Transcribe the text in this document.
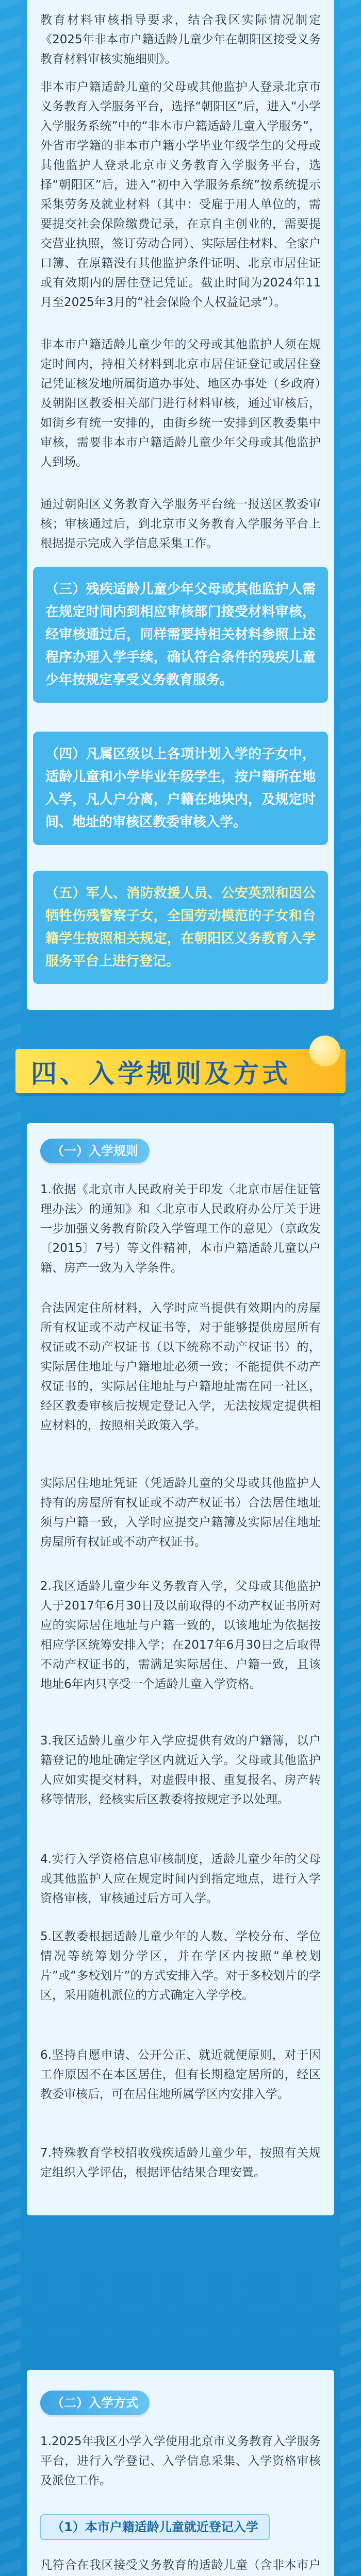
教育材料审核指导要求，结合我区实际情况制定《2025年非本市户籍适龄儿童少年在朝阳区接受义务教育材料审核实施细则》。
非本市户籍适龄儿童的父母或其他监护人登录北京市义务教育入学服务平台，选择“朝阳区”后，进入“小学入学服务系统”中的“非本市户籍适龄儿童入学服务”，外省市学籍的非本市户籍小学毕业年级学生的父母或其他监护人登录北京市义务教育入学服务平台，选择“朝阳区”后，进入“初中入学服务系统”按系统提示采集劳务及就业材料（其中：受雇于用人单位的，需要提交社会保险缴费记录，在京自主创业的，需要提交营业执照，签订劳动合同）、实际居住材料、全家户口簿、在原籍没有其他监护条件证明、北京市居住证或有效期内的居住登记凭证。截止时间为2024年11月至2025年3月的“社会保险个人权益记录”）。
非本市户籍适龄儿童少年的父母或其他监护人须在规定时间内，持相关材料到北京市居住证登记或居住登记凭证核发地所属街道办事处、地区办事处（乡政府）及朝阳区教委相关部门进行材料审核，通过审核后，如街乡有统一安排的，由街乡统一安排到区教委集中审核，需要非本市户籍适龄儿童少年父母或其他监护人到场。
通过朝阳区义务教育入学服务平台统一报送区教委审核；审核通过后，到北京市义务教育入学服务平台上根据提示完成入学信息采集工作。
（三）残疾适龄儿童少年父母或其他监护人需在规定时间内到相应审核部门接受材料审核，经审核通过后，同样需要持相关材料参照上述程序办理入学手续，确认符合条件的残疾儿童少年按规定享受义务教育服务。
（四）凡属区级以上各项计划入学的子女中，适龄儿童和小学毕业年级学生，按户籍所在地入学，凡人户分离，户籍在地块内，及规定时间、地址的审核区教委审核入学。
（五）军人、消防救援人员、公安英烈和因公牺牲伤残警察子女，全国劳动模范的子女和台籍学生按照相关规定，在朝阳区义务教育入学服务平台上进行登记。
四、入学规则及方式
（一）入学规则
1.依据《北京市人民政府关于印发〈北京市居住证管理办法〉的通知》和〈北京市人民政府办公厅关于进一步加强义务教育阶段入学管理工作的意见〉（京政发〔2015〕7号）等文件精神，本市户籍适龄儿童以户籍、房产一致为入学条件。
合法固定住所材料，入学时应当提供有效期内的房屋所有权证或不动产权证书等，对于能够提供房屋所有权证或不动产权证书（以下统称不动产权证书）的，实际居住地址与户籍地址必须一致；不能提供不动产权证书的，实际居住地址与户籍地址需在同一社区，经区教委审核后按规定登记入学，无法按规定提供相应材料的，按照相关政策入学。
实际居住地址凭证（凭适龄儿童的父母或其他监护人持有的房屋所有权证或不动产权证书）合法居住地址须与户籍一致，入学时应提交户籍簿及实际居住地址房屋所有权证或不动产权证书。
2.我区适龄儿童少年义务教育入学，父母或其他监护人于2017年6月30日及以前取得的不动产权证书所对应的实际居住地址与户籍一致的，以该地址为依据按相应学区统筹安排入学；在2017年6月30日之后取得不动产权证书的，需满足实际居住、户籍一致，且该地址6年内只享受一个适龄儿童入学资格。
3.我区适龄儿童少年入学应提供有效的户籍簿，以户籍登记的地址确定学区内就近入学。父母或其他监护人应如实提交材料，对虚假申报、重复报名、房产转移等情形，经核实后区教委将按规定予以处理。
4.实行入学资格信息审核制度，适龄儿童少年的父母或其他监护人应在规定时间内到指定地点，进行入学资格审核，审核通过后方可入学。
5.区教委根据适龄儿童少年的人数、学校分布、学位情况等统筹划分学区，并在学区内按照“单校划片”或“多校划片”的方式安排入学。对于多校划片的学区，采用随机派位的方式确定入学学校。
6.坚持自愿申请、公开公正、就近就便原则，对于因工作原因不在本区居住，但有长期稳定居所的，经区教委审核后，可在居住地所属学区内安排入学。
7.特殊教育学校招收残疾适龄儿童少年，按照有关规定组织入学评估，根据评估结果合理安置。
（二）入学方式
1.2025年我区小学入学使用北京市义务教育入学服务平台，进行入学登记、入学信息采集、入学资格审核及派位工作。
（1）本市户籍适龄儿童就近登记入学
凡符合在我区接受义务教育的适龄儿童（含非本市户
